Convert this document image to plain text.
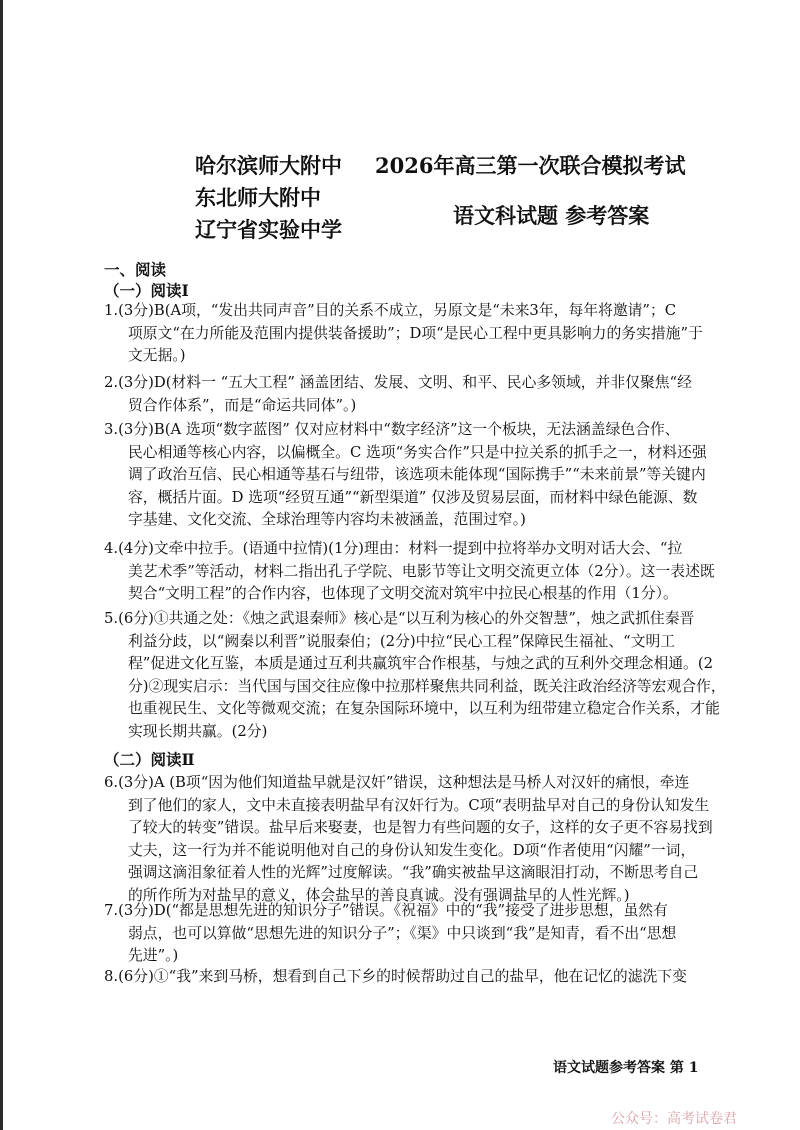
哈尔滨师大附中
东北师大附中
辽宁省实验中学
2026年高三第一次联合模拟考试
语文科试题 参考答案
一、阅读
（一）阅读Ⅰ
1.(3分)B(A项，“发出共同声音”目的关系不成立，另原文是“未来3年，每年将邀请”；C
项原文“在力所能及范围内提供装备援助”；D项“是民心工程中更具影响力的务实措施”于
文无据。)
2.(3分)D(材料一 “五大工程” 涵盖团结、发展、文明、和平、民心多领域，并非仅聚焦“经
贸合作体系”，而是“命运共同体”。)
3.(3分)B(A 选项“数字蓝图” 仅对应材料中“数字经济”这一个板块，无法涵盖绿色合作、
民心相通等核心内容，以偏概全。C 选项“务实合作”只是中拉关系的抓手之一，材料还强
调了政治互信、民心相通等基石与纽带，该选项未能体现“国际携手”“未来前景”等关键内
容，概括片面。D 选项“经贸互通”“新型渠道” 仅涉及贸易层面，而材料中绿色能源、数
字基建、文化交流、全球治理等内容均未被涵盖，范围过窄。)
4.(4分)文牵中拉手。(语通中拉情)(1分)理由：材料一提到中拉将举办文明对话大会、“拉
美艺术季”等活动，材料二指出孔子学院、电影节等让文明交流更立体（2分）。这一表述既
契合“文明工程”的合作内容，也体现了文明交流对筑牢中拉民心根基的作用（1分）。
5.(6分)①共通之处：《烛之武退秦师》核心是“以互利为核心的外交智慧”，烛之武抓住秦晋
利益分歧，以“阙秦以利晋”说服秦伯；(2分)中拉“民心工程”保障民生福祉、“文明工
程”促进文化互鉴，本质是通过互利共赢筑牢合作根基，与烛之武的互利外交理念相通。(2
分)②现实启示：当代国与国交往应像中拉那样聚焦共同利益，既关注政治经济等宏观合作，
也重视民生、文化等微观交流；在复杂国际环境中，以互利为纽带建立稳定合作关系，才能
实现长期共赢。(2分)
（二）阅读Ⅱ
6.(3分)A (B项“因为他们知道盐早就是汉奸”错误，这种想法是马桥人对汉奸的痛恨，牵连
到了他们的家人，文中未直接表明盐早有汉奸行为。C项“表明盐早对自己的身份认知发生
了较大的转变”错误。盐早后来娶妻，也是智力有些问题的女子，这样的女子更不容易找到
丈夫，这一行为并不能说明他对自己的身份认知发生变化。D项“作者使用“闪耀”一词，
强调这滴泪象征着人性的光辉”过度解读。“我”确实被盐早这滴眼泪打动，不断思考自己
的所作所为对盐早的意义，体会盐早的善良真诚。没有强调盐早的人性光辉。)
7.(3分)D(“都是思想先进的知识分子”错误。《祝福》中的“我”接受了进步思想，虽然有
弱点，也可以算做“思想先进的知识分子”；《渠》中只谈到“我”是知青，看不出“思想
先进”。)
8.(6分)①“我”来到马桥，想看到自己下乡的时候帮助过自己的盐早，他在记忆的滤洗下变
语文试题参考答案 第 1
公众号：高考试卷君
